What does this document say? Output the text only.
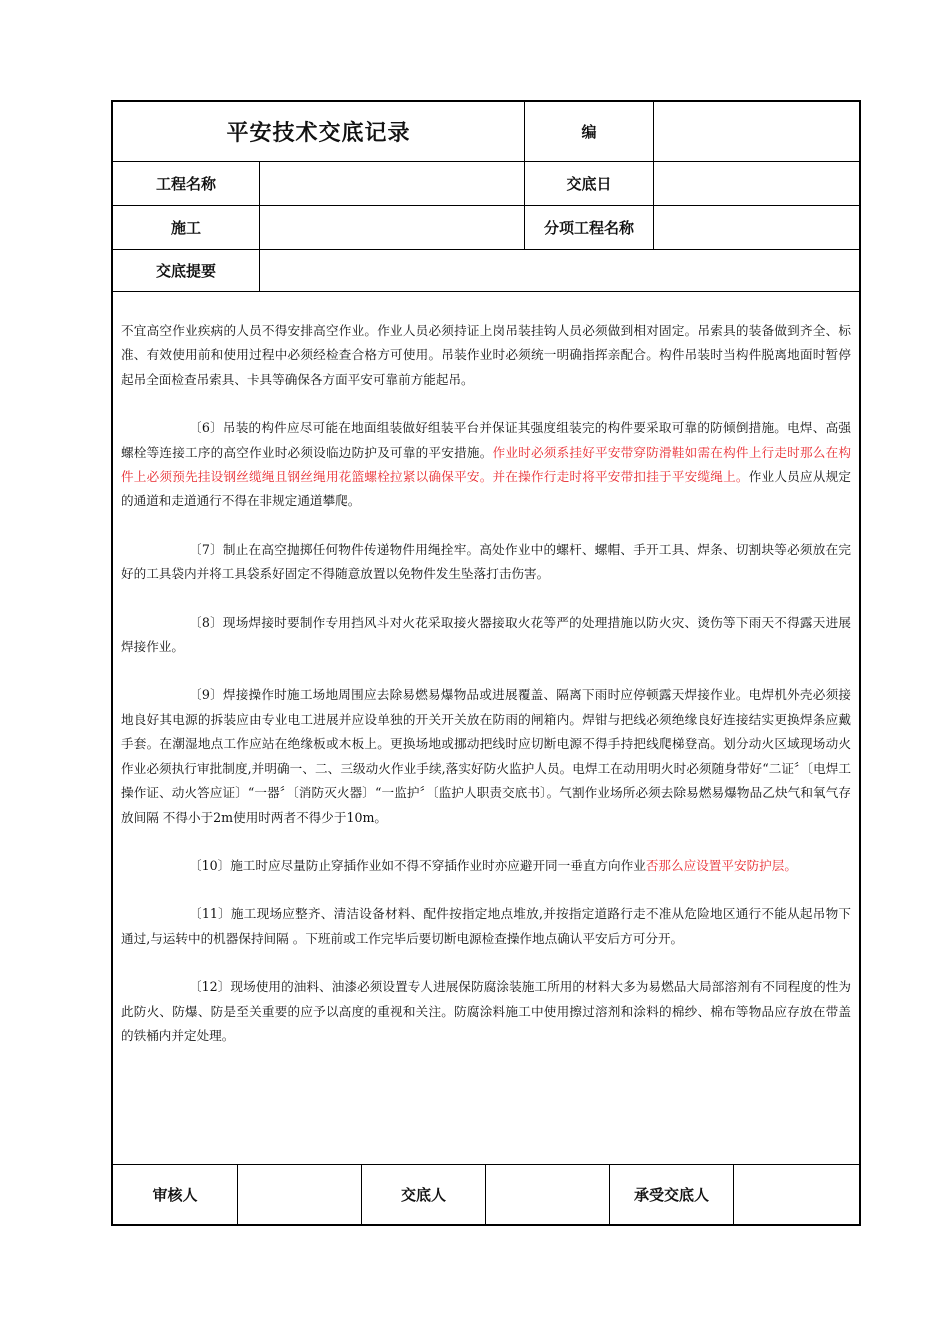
平安技术交底记录	编
工程名称	交底日
施工	分项工程名称
交底提要

不宜高空作业疾病的人员不得安排高空作业。作业人员必须持证上岗吊装挂钩人员必须做到相对固定。吊索具的装备做到齐全、标准、有效使用前和使用过程中必须经检查合格方可使用。吊装作业时必须统一明确指挥亲配合。构件吊装时当构件脱离地面时暂停起吊全面检查吊索具、卡具等确保各方面平安可靠前方能起吊。

〔6〕吊装的构件应尽可能在地面组装做好组装平台并保证其强度组装完的构件要采取可靠的防倾倒措施。电焊、高强螺栓等连接工序的高空作业时必须设临边防护及可靠的平安措施。作业时必须系挂好平安带穿防滑鞋如需在构件上行走时那么在构件上必须预先挂设钢丝缆绳且钢丝绳用花篮螺栓拉紧以确保平安。并在操作行走时将平安带扣挂于平安缆绳上。作业人员应从规定的通道和走道通行不得在非规定通道攀爬。

〔7〕制止在高空抛掷任何物件传递物件用绳拴牢。高处作业中的螺杆、螺帽、手开工具、焊条、切割块等必须放在完好的工具袋内并将工具袋系好固定不得随意放置以免物件发生坠落打击伤害。

〔8〕现场焊接时要制作专用挡风斗对火花采取接火器接取火花等严的处理措施以防火灾、烫伤等下雨天不得露天进展焊接作业。

〔9〕焊接操作时施工场地周围应去除易燃易爆物品或进展覆盖、隔离下雨时应停顿露天焊接作业。电焊机外壳必须接地良好其电源的拆装应由专业电工进展并应设单独的开关开关放在防雨的闸箱内。焊钳与把线必须绝缘良好连接结实更换焊条应戴手套。在潮湿地点工作应站在绝缘板或木板上。更换场地或挪动把线时应切断电源不得手持把线爬梯登高。划分动火区域现场动火作业必须执行审批制度,并明确一、二、三级动火作业手续,落实好防火监护人员。电焊工在动用明火时必须随身带好“二证〞〔电焊工操作证、动火答应证〕“一器〞〔消防灭火器〕“一监护〞〔监护人职责交底书〕。气割作业场所必须去除易燃易爆物品乙炔气和氧气存放间隔 不得小于2m使用时两者不得少于10m。

〔10〕施工时应尽量防止穿插作业如不得不穿插作业时亦应避开同一垂直方向作业否那么应设置平安防护层。

〔11〕施工现场应整齐、清洁设备材料、配件按指定地点堆放,并按指定道路行走不准从危险地区通行不能从起吊物下通过,与运转中的机器保持间隔 。下班前或工作完毕后要切断电源检查操作地点确认平安后方可分开。

〔12〕现场使用的油料、油漆必须设置专人进展保防腐涂装施工所用的材料大多为易燃品大局部溶剂有不同程度的性为此防火、防爆、防是至关重要的应予以高度的重视和关注。防腐涂料施工中使用擦过溶剂和涂料的棉纱、棉布等物品应存放在带盖的铁桶内并定处理。

审核人	交底人	承受交底人
